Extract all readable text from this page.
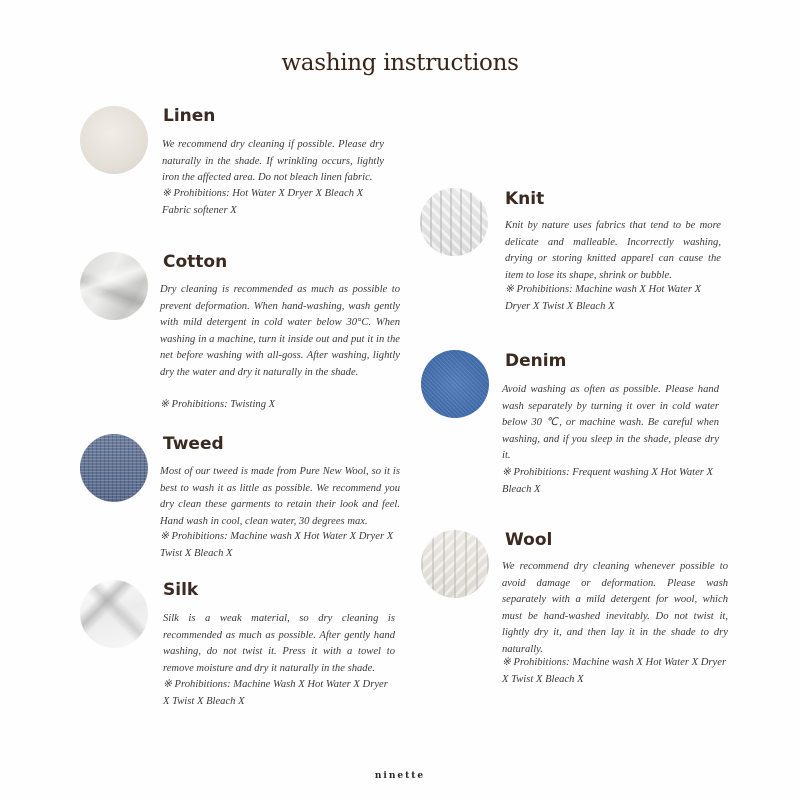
washing instructions
Linen
We recommend dry cleaning if possible. Please dry naturally in the shade. If wrinkling occurs, lightly iron the affected area. Do not bleach linen fabric.
※ Prohibitions: Hot Water X Dryer X Bleach X Fabric softener X
Cotton
Dry cleaning is recommended as much as possible to prevent deformation. When hand-washing, wash gently with mild detergent in cold water below 30°C. When washing in a machine, turn it inside out and put it in the net before washing with all-goss. After washing, lightly dry the water and dry it naturally in the shade.
※ Prohibitions: Twisting X
Tweed
Most of our tweed is made from Pure New Wool, so it is best to wash it as little as possible. We recommend you dry clean these garments to retain their look and feel. Hand wash in cool, clean water, 30 degrees max.
※ Prohibitions: Machine wash X Hot Water X Dryer X Twist X Bleach X
Silk
Silk is a weak material, so dry cleaning is recommended as much as possible. After gently hand washing, do not twist it. Press it with a towel to remove moisture and dry it naturally in the shade.
※ Prohibitions: Machine Wash X Hot Water X Dryer X Twist X Bleach X
Knit
Knit by nature uses fabrics that tend to be more delicate and malleable. Incorrectly washing, drying or storing knitted apparel can cause the item to lose its shape, shrink or bubble.
※ Prohibitions: Machine wash X Hot Water X Dryer X Twist X Bleach X
Denim
Avoid washing as often as possible. Please hand wash separately by turning it over in cold water below 30 ℃, or machine wash. Be careful when washing, and if you sleep in the shade, please dry it.
※ Prohibitions: Frequent washing X Hot Water X Bleach X
Wool
We recommend dry cleaning whenever possible to avoid damage or deformation. Please wash separately with a mild detergent for wool, which must be hand-washed inevitably. Do not twist it, lightly dry it, and then lay it in the shade to dry naturally.
※ Prohibitions: Machine wash X Hot Water X Dryer X Twist X Bleach X
ninette
